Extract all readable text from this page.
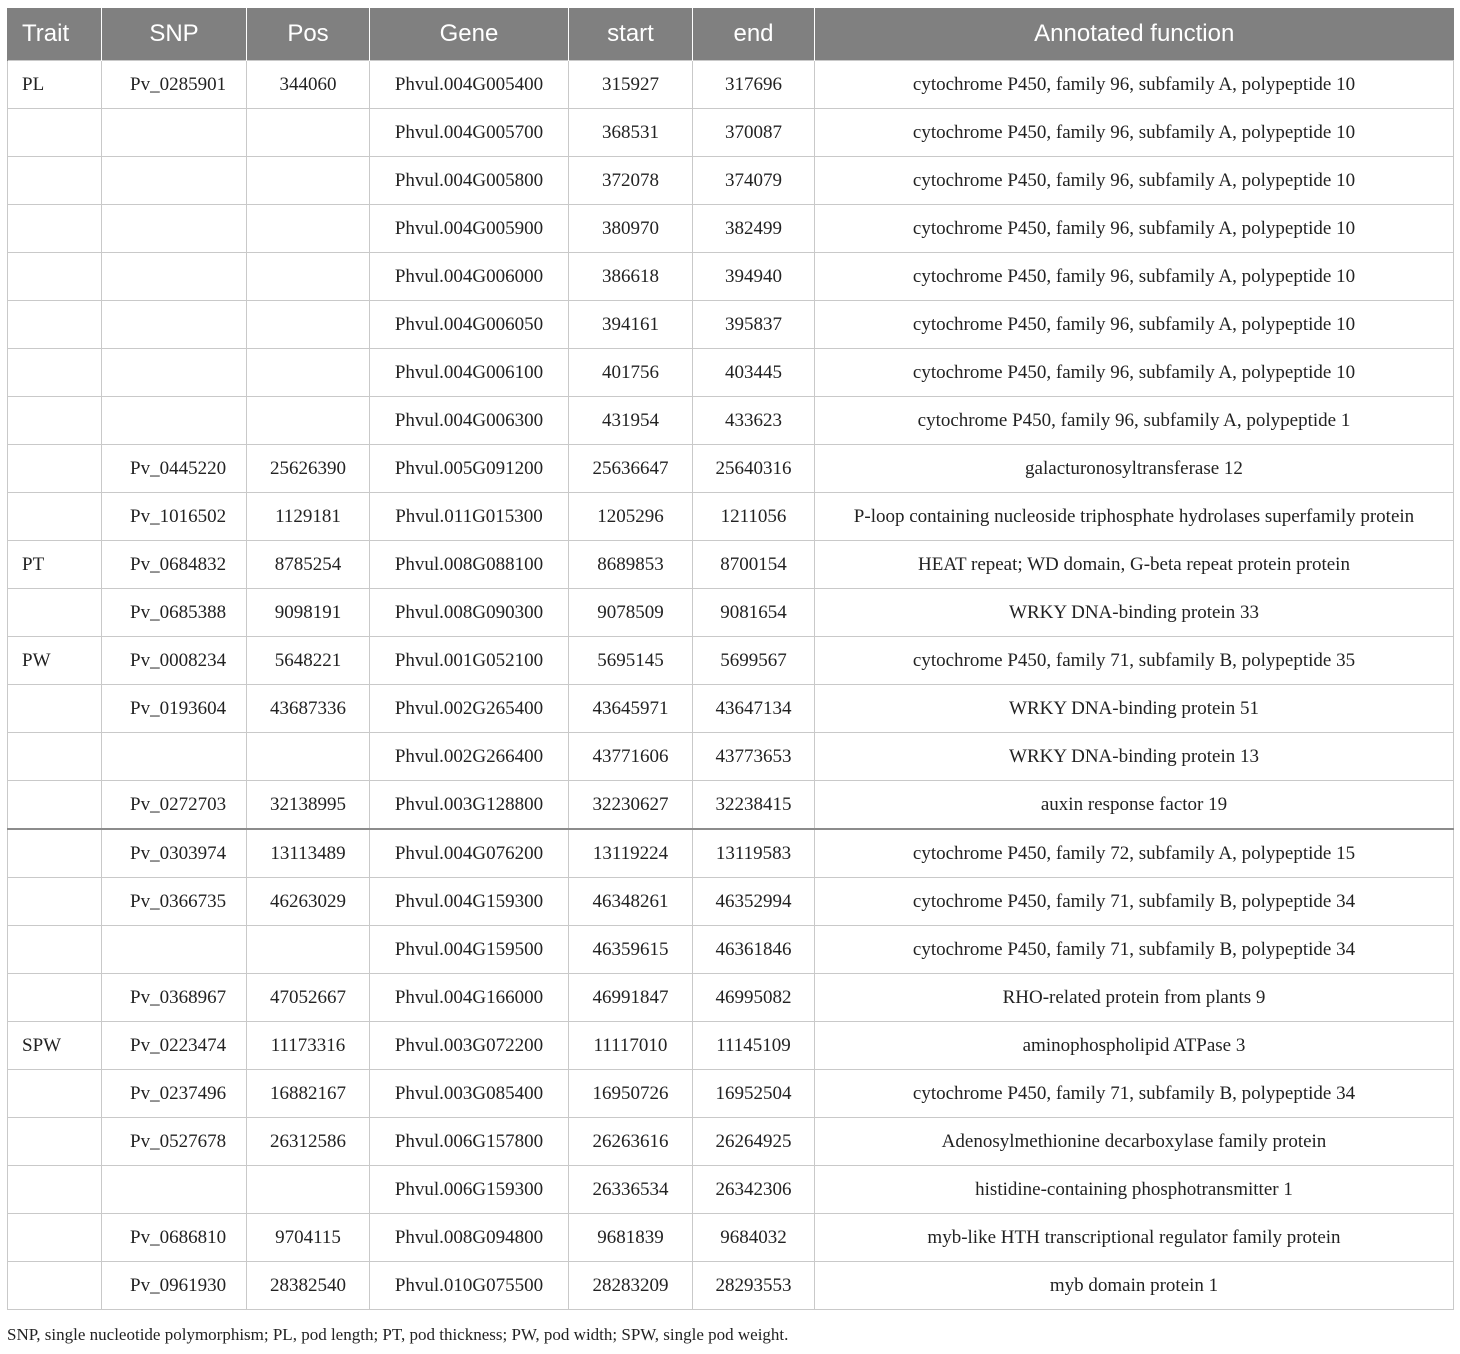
Trait	SNP	Pos	Gene	start	end	Annotated function
PL	Pv_0285901	344060	Phvul.004G005400	315927	317696	cytochrome P450, family 96, subfamily A, polypeptide 10
			Phvul.004G005700	368531	370087	cytochrome P450, family 96, subfamily A, polypeptide 10
			Phvul.004G005800	372078	374079	cytochrome P450, family 96, subfamily A, polypeptide 10
			Phvul.004G005900	380970	382499	cytochrome P450, family 96, subfamily A, polypeptide 10
			Phvul.004G006000	386618	394940	cytochrome P450, family 96, subfamily A, polypeptide 10
			Phvul.004G006050	394161	395837	cytochrome P450, family 96, subfamily A, polypeptide 10
			Phvul.004G006100	401756	403445	cytochrome P450, family 96, subfamily A, polypeptide 10
			Phvul.004G006300	431954	433623	cytochrome P450, family 96, subfamily A, polypeptide 1
	Pv_0445220	25626390	Phvul.005G091200	25636647	25640316	galacturonosyltransferase 12
	Pv_1016502	1129181	Phvul.011G015300	1205296	1211056	P-loop containing nucleoside triphosphate hydrolases superfamily protein
PT	Pv_0684832	8785254	Phvul.008G088100	8689853	8700154	HEAT repeat; WD domain, G-beta repeat protein protein
	Pv_0685388	9098191	Phvul.008G090300	9078509	9081654	WRKY DNA-binding protein 33
PW	Pv_0008234	5648221	Phvul.001G052100	5695145	5699567	cytochrome P450, family 71, subfamily B, polypeptide 35
	Pv_0193604	43687336	Phvul.002G265400	43645971	43647134	WRKY DNA-binding protein 51
			Phvul.002G266400	43771606	43773653	WRKY DNA-binding protein 13
	Pv_0272703	32138995	Phvul.003G128800	32230627	32238415	auxin response factor 19
	Pv_0303974	13113489	Phvul.004G076200	13119224	13119583	cytochrome P450, family 72, subfamily A, polypeptide 15
	Pv_0366735	46263029	Phvul.004G159300	46348261	46352994	cytochrome P450, family 71, subfamily B, polypeptide 34
			Phvul.004G159500	46359615	46361846	cytochrome P450, family 71, subfamily B, polypeptide 34
	Pv_0368967	47052667	Phvul.004G166000	46991847	46995082	RHO-related protein from plants 9
SPW	Pv_0223474	11173316	Phvul.003G072200	11117010	11145109	aminophospholipid ATPase 3
	Pv_0237496	16882167	Phvul.003G085400	16950726	16952504	cytochrome P450, family 71, subfamily B, polypeptide 34
	Pv_0527678	26312586	Phvul.006G157800	26263616	26264925	Adenosylmethionine decarboxylase family protein
			Phvul.006G159300	26336534	26342306	histidine-containing phosphotransmitter 1
	Pv_0686810	9704115	Phvul.008G094800	9681839	9684032	myb-like HTH transcriptional regulator family protein
	Pv_0961930	28382540	Phvul.010G075500	28283209	28293553	myb domain protein 1
SNP, single nucleotide polymorphism; PL, pod length; PT, pod thickness; PW, pod width; SPW, single pod weight.
